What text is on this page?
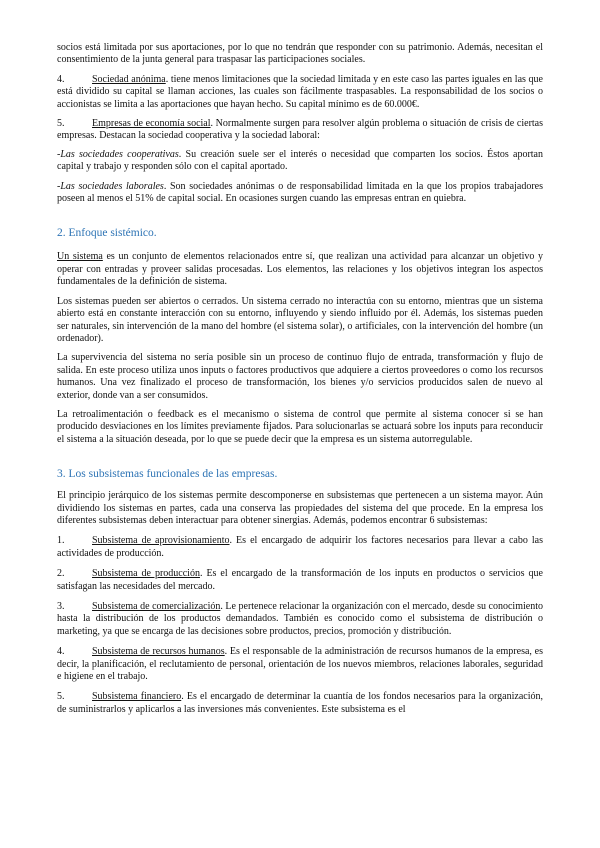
socios está limitada por sus aportaciones, por lo que no tendrán que responder con su patrimonio. Además, necesitan el consentimiento de la junta general para traspasar las participaciones sociales.

4.	Sociedad anónima. tiene menos limitaciones que la sociedad limitada y en este caso las partes iguales en las que está dividido su capital se llaman acciones, las cuales son fácilmente traspasables. La responsabilidad de los socios o accionistas se limita a las aportaciones que hayan hecho. Su capital mínimo es de 60.000€.

5.	Empresas de economía social. Normalmente surgen para resolver algún problema o situación de crisis de ciertas empresas. Destacan la sociedad cooperativa y la sociedad laboral:

-Las sociedades cooperativas. Su creación suele ser el interés o necesidad que comparten los socios. Éstos aportan capital y trabajo y responden sólo con el capital aportado.

-Las sociedades laborales. Son sociedades anónimas o de responsabilidad limitada en la que los propios trabajadores poseen al menos el 51% de capital social. En ocasiones surgen cuando las empresas entran en quiebra.

2. Enfoque sistémico.

Un sistema es un conjunto de elementos relacionados entre sí, que realizan una actividad para alcanzar un objetivo y operar con entradas y proveer salidas procesadas. Los elementos, las relaciones y los objetivos integran los aspectos fundamentales de la definición de sistema.

Los sistemas pueden ser abiertos o cerrados. Un sistema cerrado no interactúa con su entorno, mientras que un sistema abierto está en constante interacción con su entorno, influyendo y siendo influido por él. Además, los sistemas pueden ser naturales, sin intervención de la mano del hombre (el sistema solar), o artificiales, con la intervención del hombre (un ordenador).

La supervivencia del sistema no sería posible sin un proceso de continuo flujo de entrada, transformación y flujo de salida. En este proceso utiliza unos inputs o factores productivos que adquiere a ciertos proveedores o como los recursos humanos. Una vez finalizado el proceso de transformación, los bienes y/o servicios producidos salen de nuevo al exterior, donde van a ser consumidos.

La retroalimentación o feedback es el mecanismo o sistema de control que permite al sistema conocer si se han producido desviaciones en los límites previamente fijados. Para solucionarlas se actuará sobre los inputs para reconducir el sistema a la situación deseada, por lo que se puede decir que la empresa es un sistema autorregulable.

3. Los subsistemas funcionales de las empresas.

El principio jerárquico de los sistemas permite descomponerse en subsistemas que pertenecen a un sistema mayor. Aún dividiendo los sistemas en partes, cada una conserva las propiedades del sistema del que procede. En la empresa los diferentes subsistemas deben interactuar para obtener sinergias. Además, podemos encontrar 6 subsistemas:

1.	Subsistema de aprovisionamiento. Es el encargado de adquirir los factores necesarios para llevar a cabo las actividades de producción.

2.	Subsistema de producción. Es el encargado de la transformación de los inputs en productos o servicios que satisfagan las necesidades del mercado.

3.	Subsistema de comercialización. Le pertenece relacionar la organización con el mercado, desde su conocimiento hasta la distribución de los productos demandados. También es conocido como el subsistema de distribución o marketing, ya que se encarga de las decisiones sobre productos, precios, promoción y distribución.

4.	Subsistema de recursos humanos. Es el responsable de la administración de recursos humanos de la empresa, es decir, la planificación, el reclutamiento de personal, orientación de los nuevos miembros, relaciones laborales, seguridad e higiene en el trabajo.

5.	Subsistema financiero. Es el encargado de determinar la cuantía de los fondos necesarios para la organización, de suministrarlos y aplicarlos a las inversiones más convenientes. Este subsistema es el
